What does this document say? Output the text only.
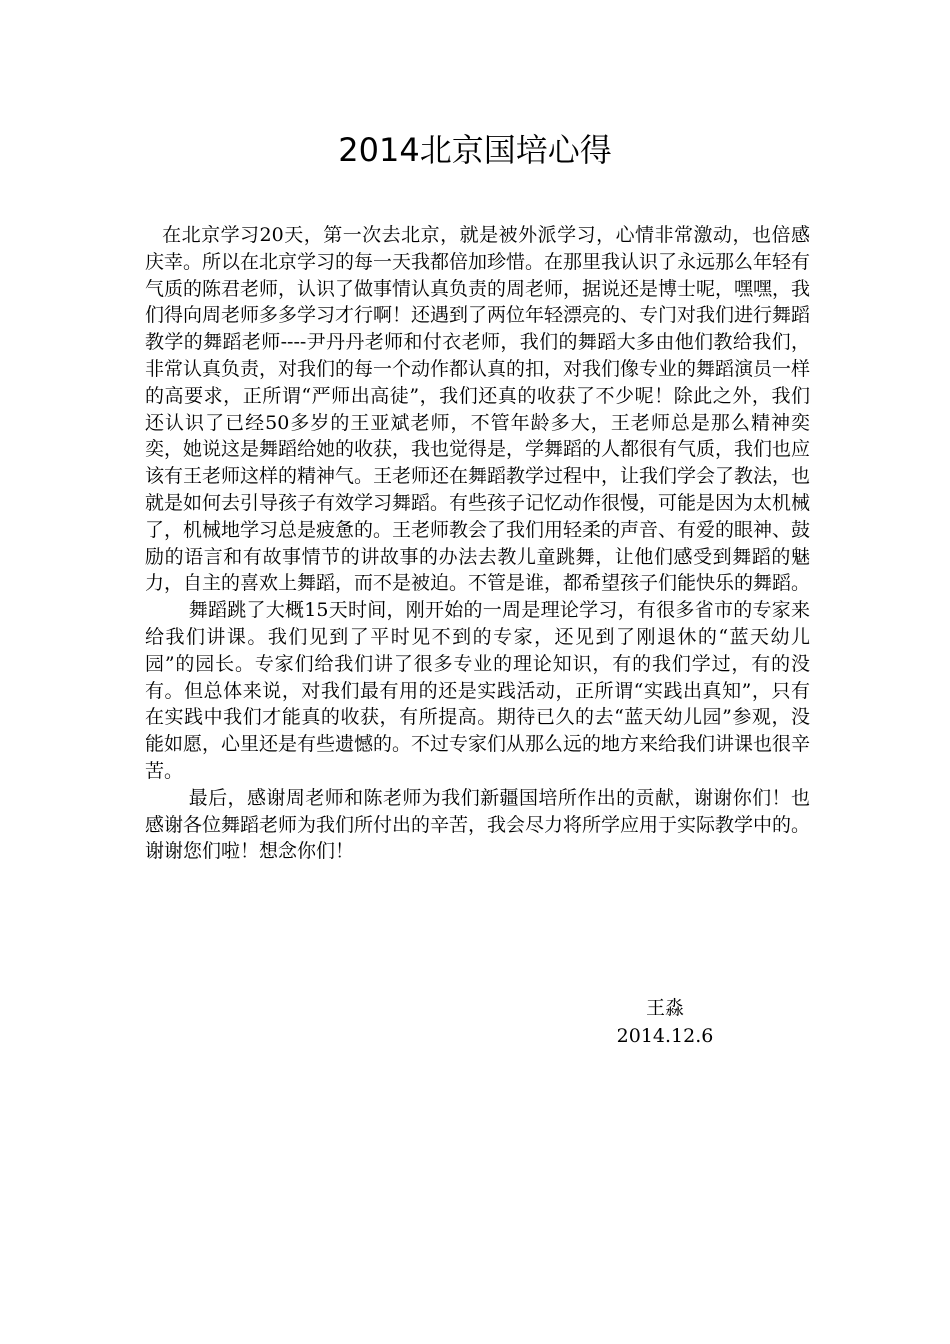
2014北京国培心得

在北京学习20天，第一次去北京，就是被外派学习，心情非常激动，也倍感庆幸。所以在北京学习的每一天我都倍加珍惜。在那里我认识了永远那么年轻有气质的陈君老师，认识了做事情认真负责的周老师，据说还是博士呢，嘿嘿，我们得向周老师多多学习才行啊！还遇到了两位年轻漂亮的、专门对我们进行舞蹈教学的舞蹈老师----尹丹丹老师和付衣老师，我们的舞蹈大多由他们教给我们，非常认真负责，对我们的每一个动作都认真的扣，对我们像专业的舞蹈演员一样的高要求，正所谓“严师出高徒”，我们还真的收获了不少呢！除此之外，我们还认识了已经50多岁的王亚斌老师，不管年龄多大，王老师总是那么精神奕奕，她说这是舞蹈给她的收获，我也觉得是，学舞蹈的人都很有气质，我们也应该有王老师这样的精神气。王老师还在舞蹈教学过程中，让我们学会了教法，也就是如何去引导孩子有效学习舞蹈。有些孩子记忆动作很慢，可能是因为太机械了，机械地学习总是疲惫的。王老师教会了我们用轻柔的声音、有爱的眼神、鼓励的语言和有故事情节的讲故事的办法去教儿童跳舞，让他们感受到舞蹈的魅力，自主的喜欢上舞蹈，而不是被迫。不管是谁，都希望孩子们能快乐的舞蹈。

舞蹈跳了大概15天时间，刚开始的一周是理论学习，有很多省市的专家来给我们讲课。我们见到了平时见不到的专家，还见到了刚退休的“蓝天幼儿园”的园长。专家们给我们讲了很多专业的理论知识，有的我们学过，有的没有。但总体来说，对我们最有用的还是实践活动，正所谓“实践出真知”，只有在实践中我们才能真的收获，有所提高。期待已久的去“蓝天幼儿园”参观，没能如愿，心里还是有些遗憾的。不过专家们从那么远的地方来给我们讲课也很辛苦。

最后，感谢周老师和陈老师为我们新疆国培所作出的贡献，谢谢你们！也感谢各位舞蹈老师为我们所付出的辛苦，我会尽力将所学应用于实际教学中的。谢谢您们啦！想念你们！

王淼
2014.12.6
